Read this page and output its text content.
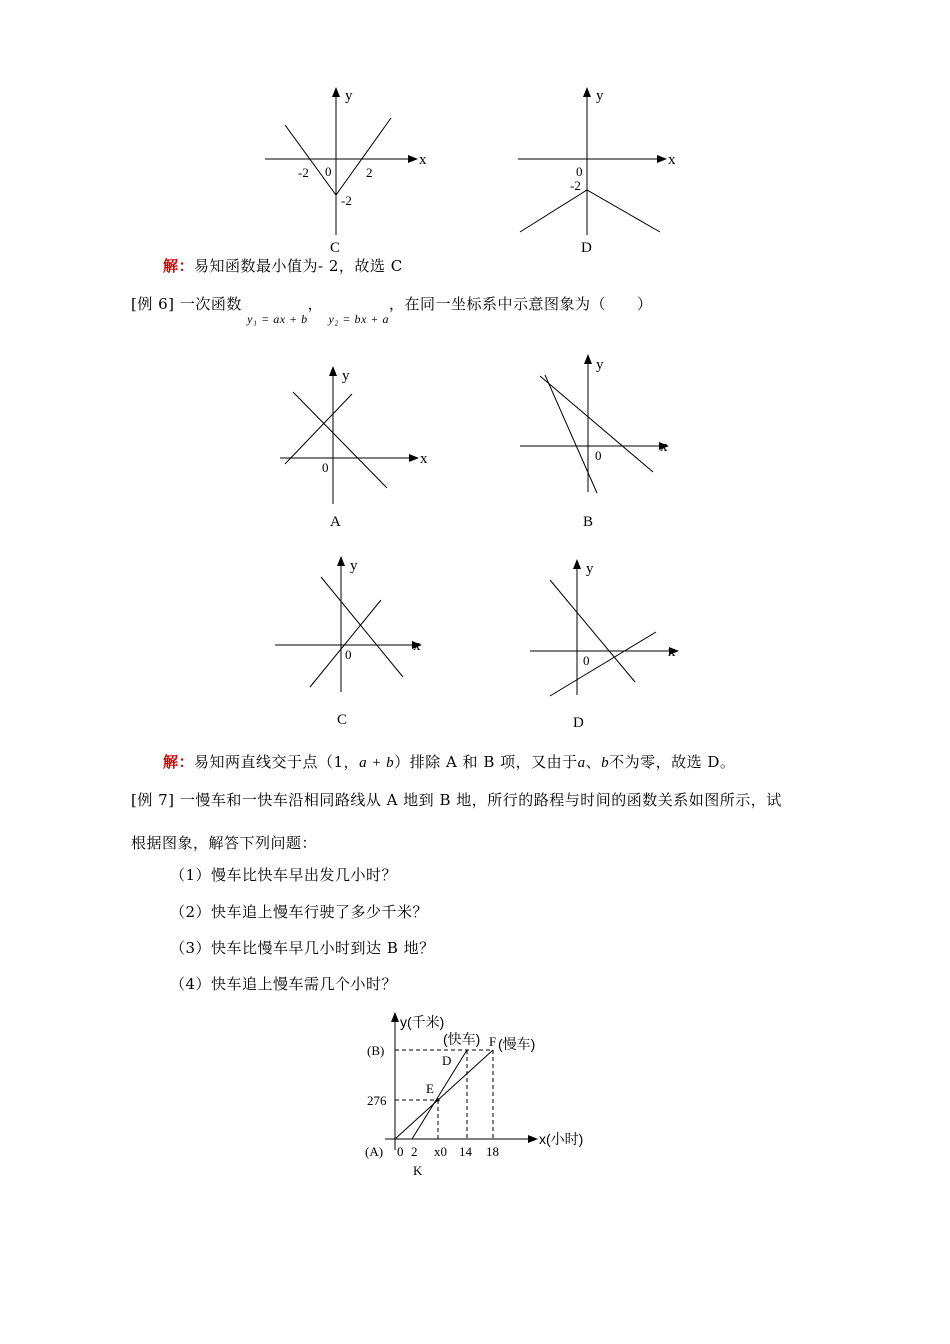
x
y
0
-2	2
-2
C
x
y
0
-2
D
解：易知函数最小值为- 2，故选 C
[例 6] 一次函数 $_{y_1 = ax + b}$， $_{y_2 = bx + a}$，在同一坐标系中示意图象为（　　）
x
y
0
A
x
y
0
B
x
y
0
C
x
y
0
D
解：易知两直线交于点（1，a + b）排除 A 和 B 项，又由于a、b不为零，故选 D。
[例 7] 一慢车和一快车沿相同路线从 A 地到 B 地，所行的路程与时间的函数关系如图所示，试
根据图象，解答下列问题：
（1）慢车比快车早出发几小时？
（2）快车追上慢车行驶了多少千米？
（3）快车比慢车早几小时到达 B 地？
（4）快车追上慢车需几个小时？
y(千米)
x(小时)
(B)
276
(A) 0 2 x0 14 18
(快车) (慢车)
D
F
E
K
